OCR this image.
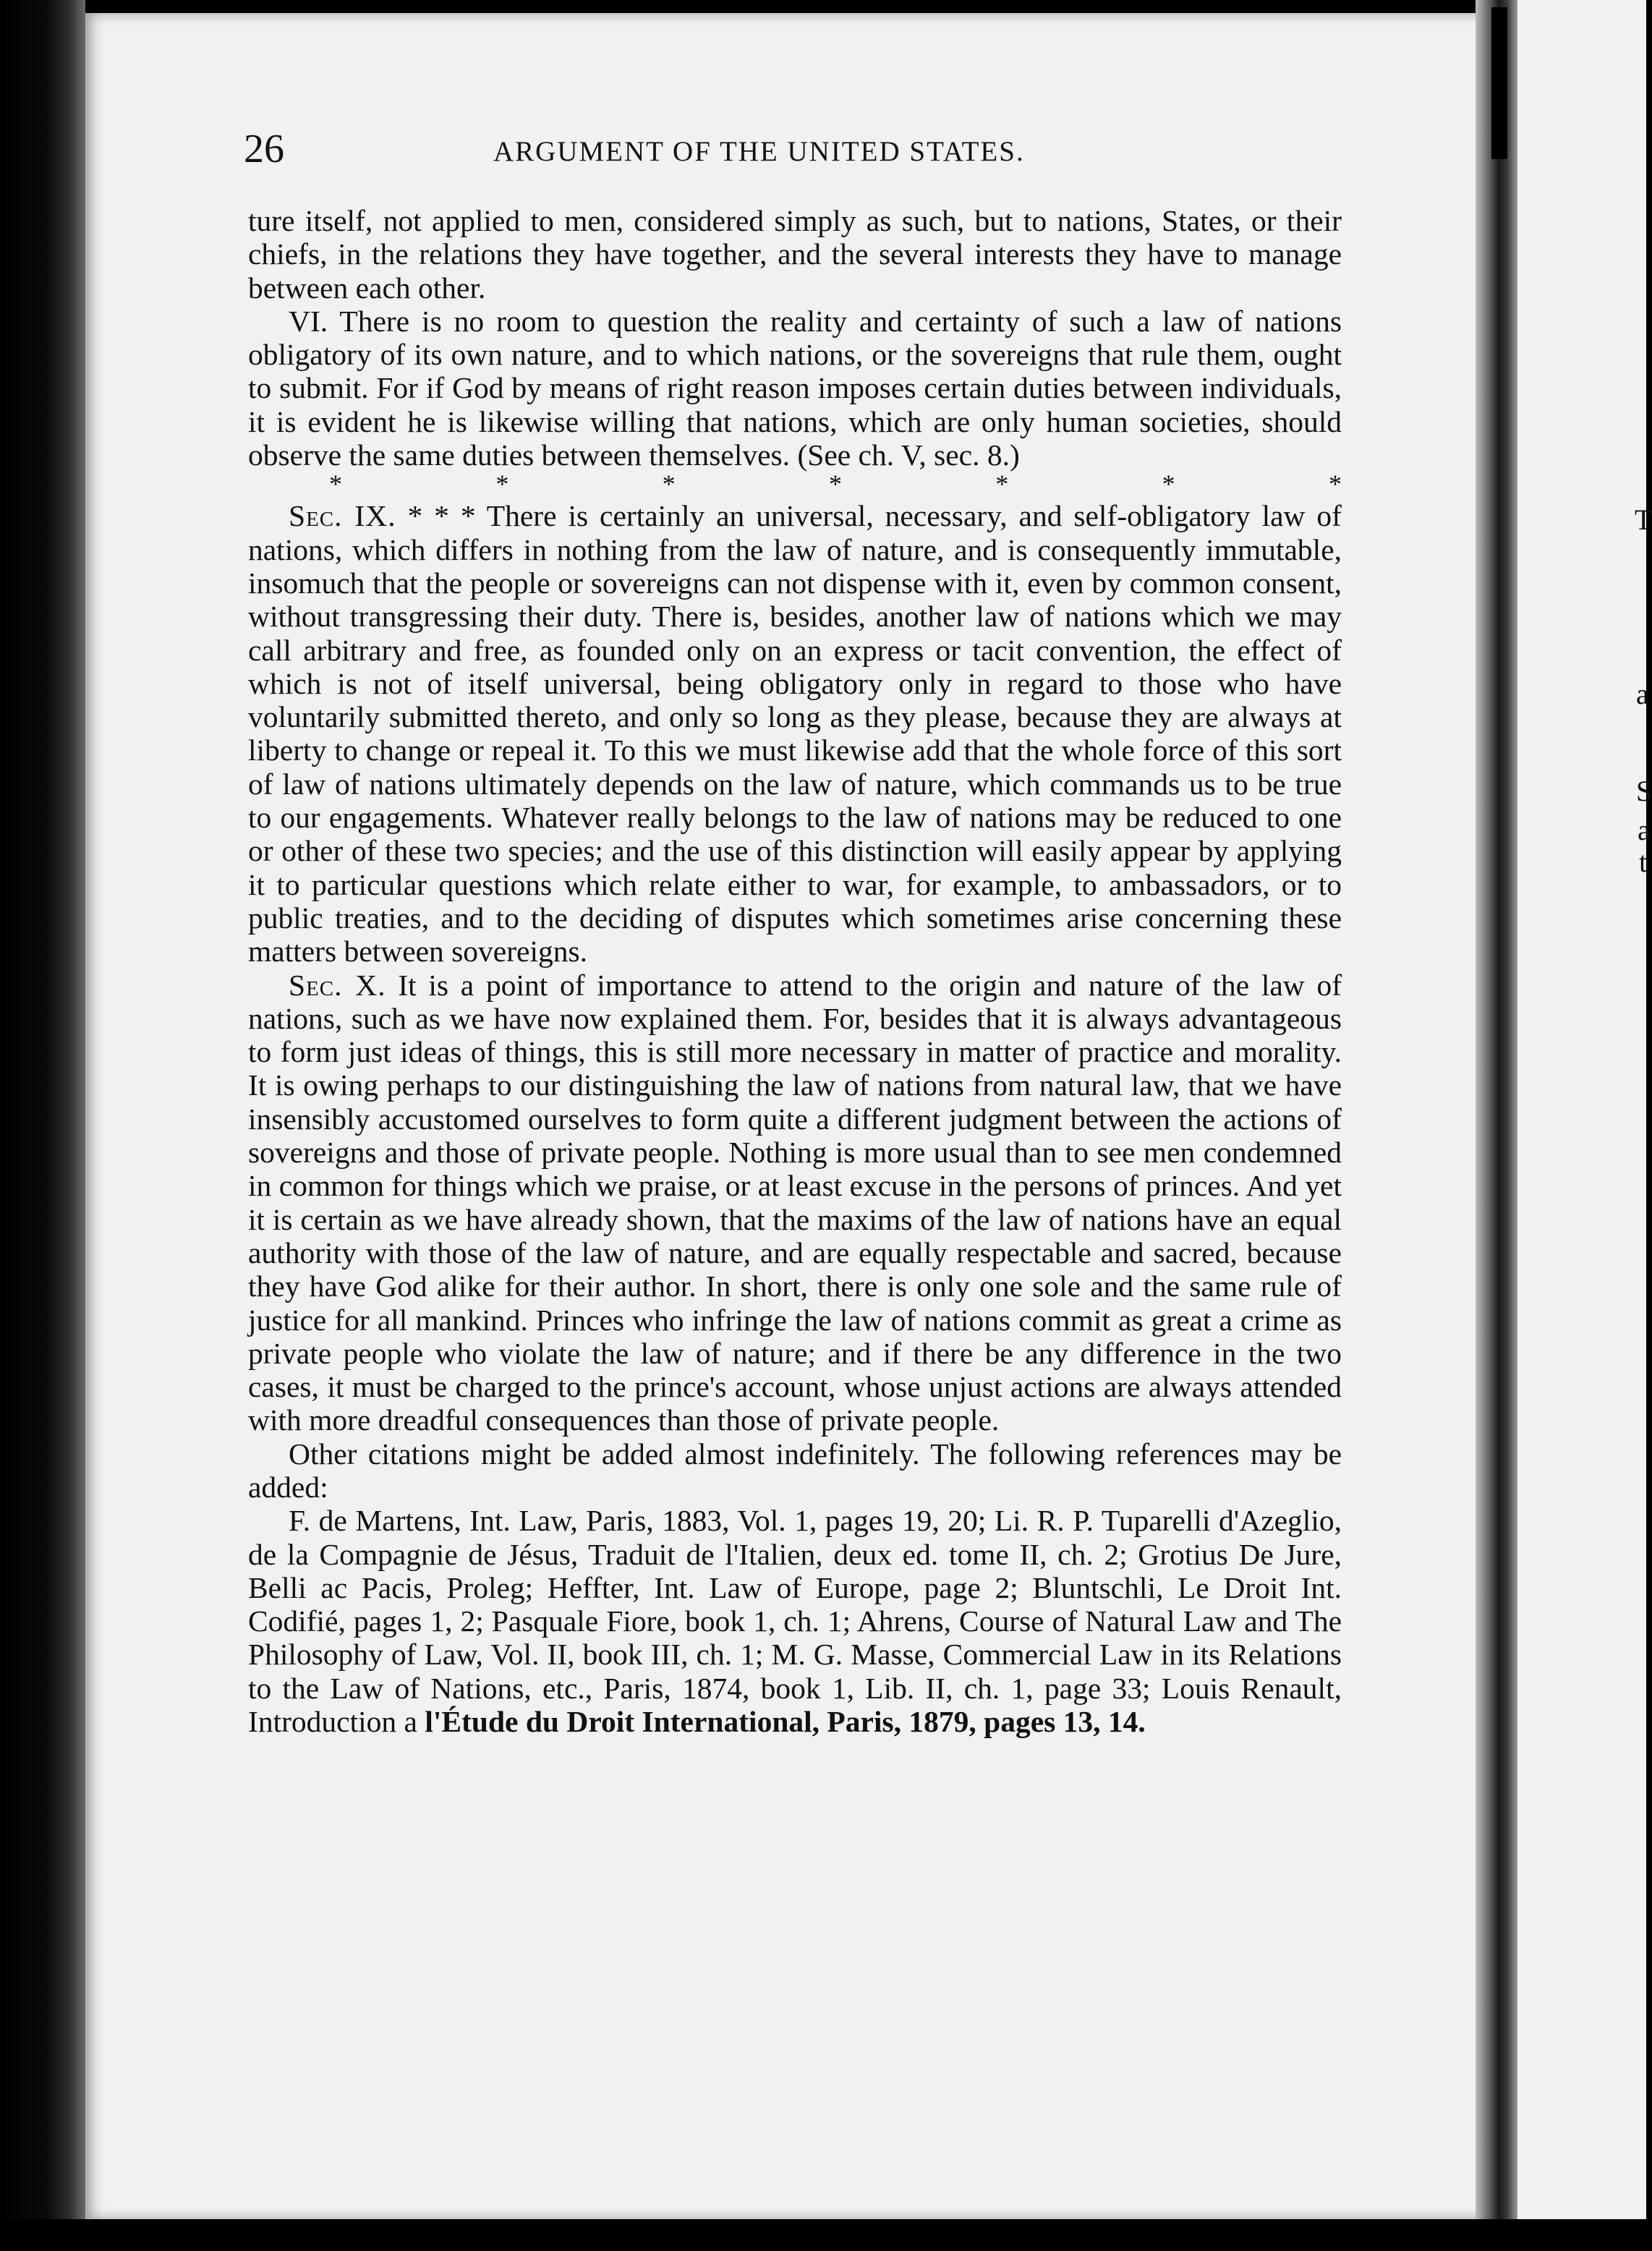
T
a
S
a
t
26	ARGUMENT OF THE UNITED STATES.

ture itself, not applied to men, considered simply as such, but to nations, States, or their chiefs, in the relations they have together, and the several interests they have to manage between each other.

VI. There is no room to question the reality and certainty of such a law of nations obligatory of its own nature, and to which nations, or the sovereigns that rule them, ought to submit. For if God by means of right reason imposes certain duties between individuals, it is evident he is likewise willing that nations, which are only human societies, should observe the same duties between themselves. (See ch. V, sec. 8.)

*	*	*	*	*	*	*

Sec. IX. * * * There is certainly an universal, necessary, and self-obligatory law of nations, which differs in nothing from the law of nature, and is consequently immutable, insomuch that the people or sovereigns can not dispense with it, even by common consent, without transgressing their duty. There is, besides, another law of nations which we may call arbitrary and free, as founded only on an express or tacit convention, the effect of which is not of itself universal, being obligatory only in regard to those who have voluntarily submitted thereto, and only so long as they please, because they are always at liberty to change or repeal it. To this we must likewise add that the whole force of this sort of law of nations ultimately depends on the law of nature, which commands us to be true to our engagements. Whatever really belongs to the law of nations may be reduced to one or other of these two species; and the use of this distinction will easily appear by applying it to particular questions which relate either to war, for example, to ambassadors, or to public treaties, and to the deciding of disputes which sometimes arise concerning these matters between sovereigns.

Sec. X. It is a point of importance to attend to the origin and nature of the law of nations, such as we have now explained them. For, besides that it is always advantageous to form just ideas of things, this is still more necessary in matter of practice and morality. It is owing perhaps to our distinguishing the law of nations from natural law, that we have insensibly accustomed ourselves to form quite a different judgment between the actions of sovereigns and those of private people. Nothing is more usual than to see men condemned in common for things which we praise, or at least excuse in the persons of princes. And yet it is certain as we have already shown, that the maxims of the law of nations have an equal authority with those of the law of nature, and are equally respectable and sacred, because they have God alike for their author. In short, there is only one sole and the same rule of justice for all mankind. Princes who infringe the law of nations commit as great a crime as private people who violate the law of nature; and if there be any difference in the two cases, it must be charged to the prince's account, whose unjust actions are always attended with more dreadful consequences than those of private people.

Other citations might be added almost indefinitely. The following references may be added:

F. de Martens, Int. Law, Paris, 1883, Vol. 1, pages 19, 20; Li. R. P. Tuparelli d'Azeglio, de la Compagnie de Jésus, Traduit de l'Italien, deux ed. tome II, ch. 2; Grotius De Jure, Belli ac Pacis, Proleg; Heffter, Int. Law of Europe, page 2; Bluntschli, Le Droit Int. Codifié, pages 1, 2; Pasquale Fiore, book 1, ch. 1; Ahrens, Course of Natural Law and The Philosophy of Law, Vol. II, book III, ch. 1; M. G. Masse, Commercial Law in its Relations to the Law of Nations, etc., Paris, 1874, book 1, Lib. II, ch. 1, page 33; Louis Renault, Introduction a l'Étude du Droit International, Paris, 1879, pages 13, 14.
